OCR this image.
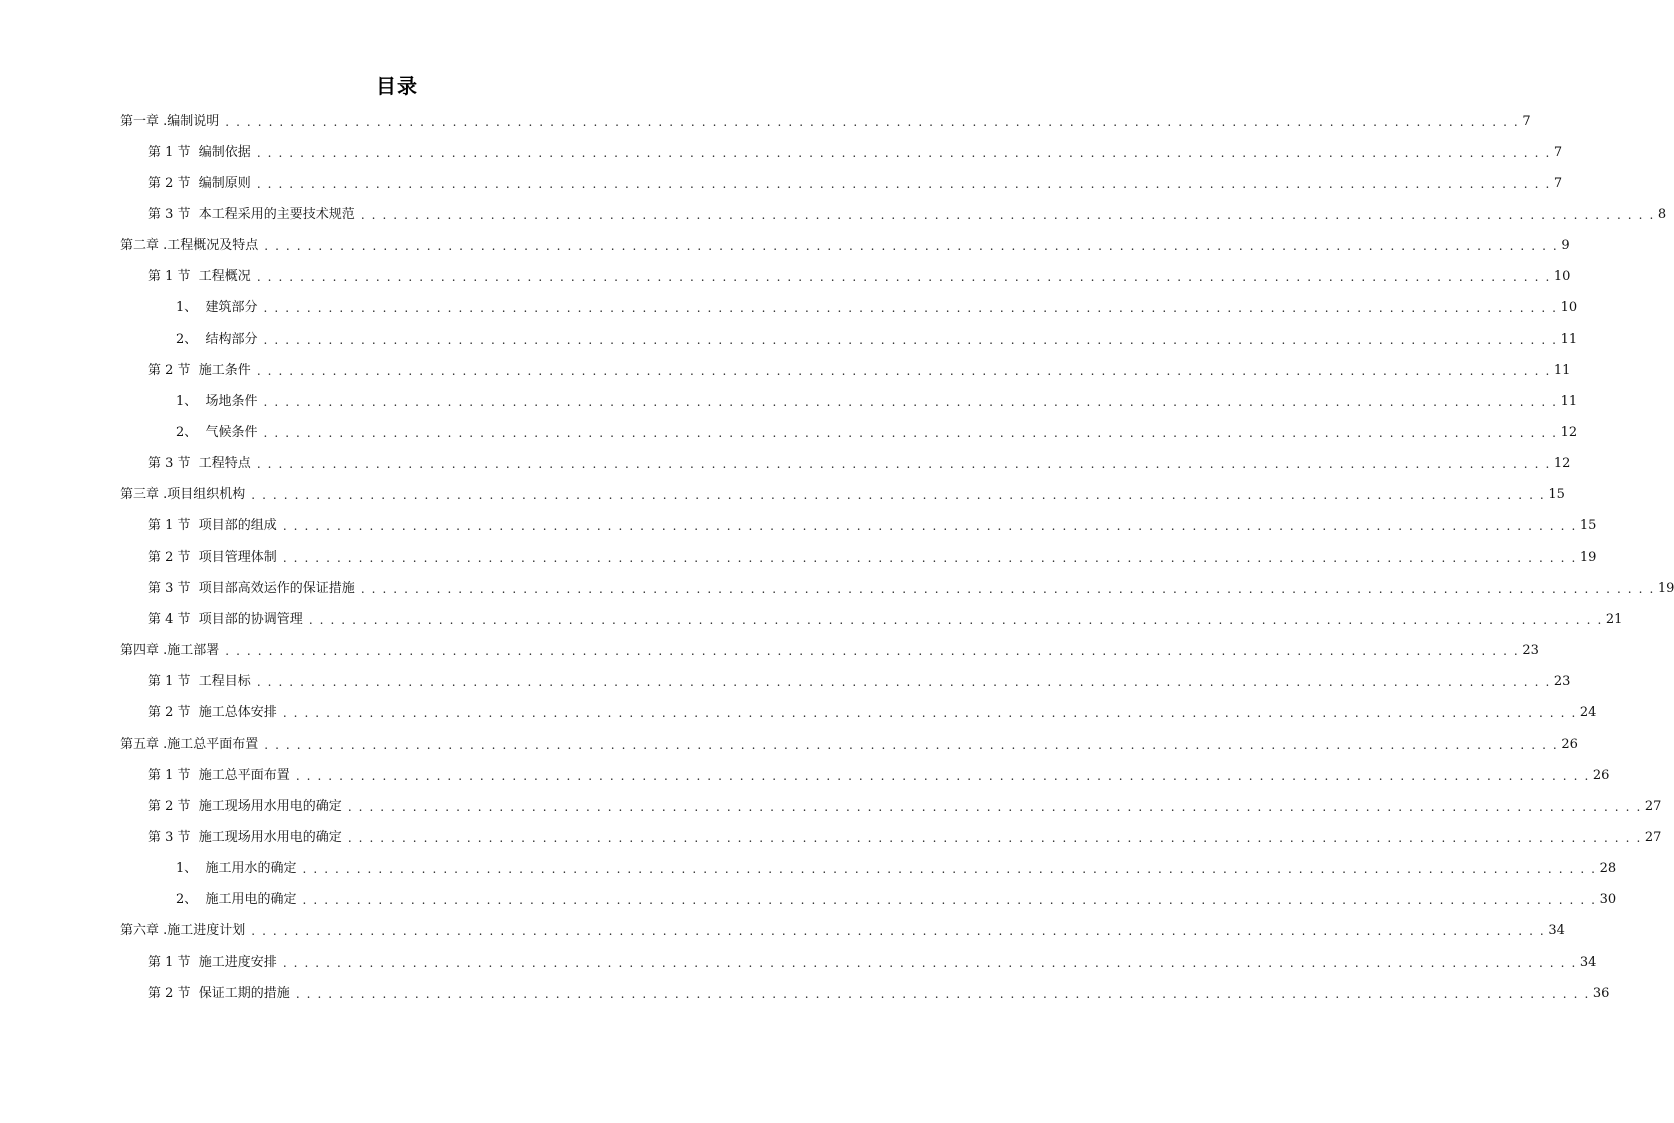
目录
第一章 .编制说明 . . . . . . . . . . . . . . . . . . . . . . . . . . . . . . . . . . . . . . . . . . . . . . . . . . . . . . . . . . . . . . . . . . . . . . . . . . . . . . . . . . . . . . . . . . . . . . . . . . . . . . . . . . . . . . . . . . . . . . . . 7
第 1 节  编制依据 . . . . . . . . . . . . . . . . . . . . . . . . . . . . . . . . . . . . . . . . . . . . . . . . . . . . . . . . . . . . . . . . . . . . . . . . . . . . . . . . . . . . . . . . . . . . . . . . . . . . . . . . . . . . . . . . . . . . . . . . 7
第 2 节  编制原则 . . . . . . . . . . . . . . . . . . . . . . . . . . . . . . . . . . . . . . . . . . . . . . . . . . . . . . . . . . . . . . . . . . . . . . . . . . . . . . . . . . . . . . . . . . . . . . . . . . . . . . . . . . . . . . . . . . . . . . . . 7
第 3 节  本工程采用的主要技术规范 . . . . . . . . . . . . . . . . . . . . . . . . . . . . . . . . . . . . . . . . . . . . . . . . . . . . . . . . . . . . . . . . . . . . . . . . . . . . . . . . . . . . . . . . . . . . . . . . . . . . . . . . . . . . . . . . . . . . . . . . 8
第二章 .工程概况及特点 . . . . . . . . . . . . . . . . . . . . . . . . . . . . . . . . . . . . . . . . . . . . . . . . . . . . . . . . . . . . . . . . . . . . . . . . . . . . . . . . . . . . . . . . . . . . . . . . . . . . . . . . . . . . . . . . . . . . . . . . 9
第 1 节  工程概况 . . . . . . . . . . . . . . . . . . . . . . . . . . . . . . . . . . . . . . . . . . . . . . . . . . . . . . . . . . . . . . . . . . . . . . . . . . . . . . . . . . . . . . . . . . . . . . . . . . . . . . . . . . . . . . . . . . . . . . . . 10
1、  建筑部分 . . . . . . . . . . . . . . . . . . . . . . . . . . . . . . . . . . . . . . . . . . . . . . . . . . . . . . . . . . . . . . . . . . . . . . . . . . . . . . . . . . . . . . . . . . . . . . . . . . . . . . . . . . . . . . . . . . . . . . . . 10
2、  结构部分 . . . . . . . . . . . . . . . . . . . . . . . . . . . . . . . . . . . . . . . . . . . . . . . . . . . . . . . . . . . . . . . . . . . . . . . . . . . . . . . . . . . . . . . . . . . . . . . . . . . . . . . . . . . . . . . . . . . . . . . . 11
第 2 节  施工条件 . . . . . . . . . . . . . . . . . . . . . . . . . . . . . . . . . . . . . . . . . . . . . . . . . . . . . . . . . . . . . . . . . . . . . . . . . . . . . . . . . . . . . . . . . . . . . . . . . . . . . . . . . . . . . . . . . . . . . . . . 11
1、  场地条件 . . . . . . . . . . . . . . . . . . . . . . . . . . . . . . . . . . . . . . . . . . . . . . . . . . . . . . . . . . . . . . . . . . . . . . . . . . . . . . . . . . . . . . . . . . . . . . . . . . . . . . . . . . . . . . . . . . . . . . . . 11
2、  气候条件 . . . . . . . . . . . . . . . . . . . . . . . . . . . . . . . . . . . . . . . . . . . . . . . . . . . . . . . . . . . . . . . . . . . . . . . . . . . . . . . . . . . . . . . . . . . . . . . . . . . . . . . . . . . . . . . . . . . . . . . . 12
第 3 节  工程特点 . . . . . . . . . . . . . . . . . . . . . . . . . . . . . . . . . . . . . . . . . . . . . . . . . . . . . . . . . . . . . . . . . . . . . . . . . . . . . . . . . . . . . . . . . . . . . . . . . . . . . . . . . . . . . . . . . . . . . . . . 12
第三章 .项目组织机构 . . . . . . . . . . . . . . . . . . . . . . . . . . . . . . . . . . . . . . . . . . . . . . . . . . . . . . . . . . . . . . . . . . . . . . . . . . . . . . . . . . . . . . . . . . . . . . . . . . . . . . . . . . . . . . . . . . . . . . . . 15
第 1 节  项目部的组成 . . . . . . . . . . . . . . . . . . . . . . . . . . . . . . . . . . . . . . . . . . . . . . . . . . . . . . . . . . . . . . . . . . . . . . . . . . . . . . . . . . . . . . . . . . . . . . . . . . . . . . . . . . . . . . . . . . . . . . . . 15
第 2 节  项目管理体制 . . . . . . . . . . . . . . . . . . . . . . . . . . . . . . . . . . . . . . . . . . . . . . . . . . . . . . . . . . . . . . . . . . . . . . . . . . . . . . . . . . . . . . . . . . . . . . . . . . . . . . . . . . . . . . . . . . . . . . . . 19
第 3 节  项目部高效运作的保证措施 . . . . . . . . . . . . . . . . . . . . . . . . . . . . . . . . . . . . . . . . . . . . . . . . . . . . . . . . . . . . . . . . . . . . . . . . . . . . . . . . . . . . . . . . . . . . . . . . . . . . . . . . . . . . . . . . . . . . . . . . 19
第 4 节  项目部的协调管理 . . . . . . . . . . . . . . . . . . . . . . . . . . . . . . . . . . . . . . . . . . . . . . . . . . . . . . . . . . . . . . . . . . . . . . . . . . . . . . . . . . . . . . . . . . . . . . . . . . . . . . . . . . . . . . . . . . . . . . . . 21
第四章 .施工部署 . . . . . . . . . . . . . . . . . . . . . . . . . . . . . . . . . . . . . . . . . . . . . . . . . . . . . . . . . . . . . . . . . . . . . . . . . . . . . . . . . . . . . . . . . . . . . . . . . . . . . . . . . . . . . . . . . . . . . . . . 23
第 1 节  工程目标 . . . . . . . . . . . . . . . . . . . . . . . . . . . . . . . . . . . . . . . . . . . . . . . . . . . . . . . . . . . . . . . . . . . . . . . . . . . . . . . . . . . . . . . . . . . . . . . . . . . . . . . . . . . . . . . . . . . . . . . . 23
第 2 节  施工总体安排 . . . . . . . . . . . . . . . . . . . . . . . . . . . . . . . . . . . . . . . . . . . . . . . . . . . . . . . . . . . . . . . . . . . . . . . . . . . . . . . . . . . . . . . . . . . . . . . . . . . . . . . . . . . . . . . . . . . . . . . . 24
第五章 .施工总平面布置 . . . . . . . . . . . . . . . . . . . . . . . . . . . . . . . . . . . . . . . . . . . . . . . . . . . . . . . . . . . . . . . . . . . . . . . . . . . . . . . . . . . . . . . . . . . . . . . . . . . . . . . . . . . . . . . . . . . . . . . . 26
第 1 节  施工总平面布置 . . . . . . . . . . . . . . . . . . . . . . . . . . . . . . . . . . . . . . . . . . . . . . . . . . . . . . . . . . . . . . . . . . . . . . . . . . . . . . . . . . . . . . . . . . . . . . . . . . . . . . . . . . . . . . . . . . . . . . . . 26
第 2 节  施工现场用水用电的确定 . . . . . . . . . . . . . . . . . . . . . . . . . . . . . . . . . . . . . . . . . . . . . . . . . . . . . . . . . . . . . . . . . . . . . . . . . . . . . . . . . . . . . . . . . . . . . . . . . . . . . . . . . . . . . . . . . . . . . . . . 27
第 3 节  施工现场用水用电的确定 . . . . . . . . . . . . . . . . . . . . . . . . . . . . . . . . . . . . . . . . . . . . . . . . . . . . . . . . . . . . . . . . . . . . . . . . . . . . . . . . . . . . . . . . . . . . . . . . . . . . . . . . . . . . . . . . . . . . . . . . 27
1、  施工用水的确定 . . . . . . . . . . . . . . . . . . . . . . . . . . . . . . . . . . . . . . . . . . . . . . . . . . . . . . . . . . . . . . . . . . . . . . . . . . . . . . . . . . . . . . . . . . . . . . . . . . . . . . . . . . . . . . . . . . . . . . . . 28
2、  施工用电的确定 . . . . . . . . . . . . . . . . . . . . . . . . . . . . . . . . . . . . . . . . . . . . . . . . . . . . . . . . . . . . . . . . . . . . . . . . . . . . . . . . . . . . . . . . . . . . . . . . . . . . . . . . . . . . . . . . . . . . . . . . 30
第六章 .施工进度计划 . . . . . . . . . . . . . . . . . . . . . . . . . . . . . . . . . . . . . . . . . . . . . . . . . . . . . . . . . . . . . . . . . . . . . . . . . . . . . . . . . . . . . . . . . . . . . . . . . . . . . . . . . . . . . . . . . . . . . . . . 34
第 1 节  施工进度安排 . . . . . . . . . . . . . . . . . . . . . . . . . . . . . . . . . . . . . . . . . . . . . . . . . . . . . . . . . . . . . . . . . . . . . . . . . . . . . . . . . . . . . . . . . . . . . . . . . . . . . . . . . . . . . . . . . . . . . . . . 34
第 2 节  保证工期的措施 . . . . . . . . . . . . . . . . . . . . . . . . . . . . . . . . . . . . . . . . . . . . . . . . . . . . . . . . . . . . . . . . . . . . . . . . . . . . . . . . . . . . . . . . . . . . . . . . . . . . . . . . . . . . . . . . . . . . . . . . 36
